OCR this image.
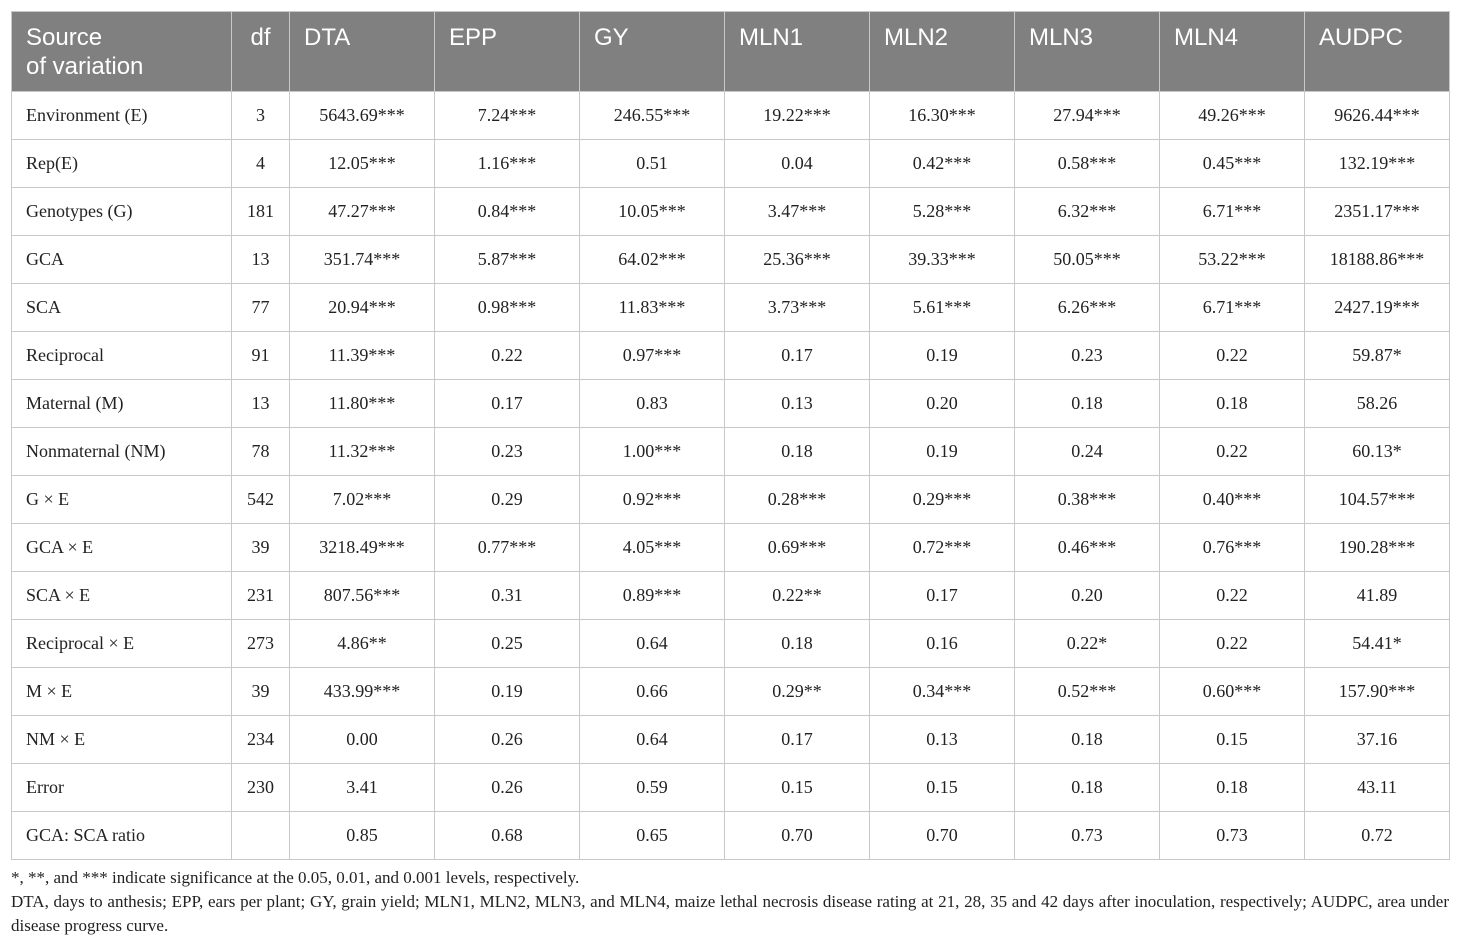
Source
of variation	df	DTA	EPP	GY	MLN1	MLN2	MLN3	MLN4	AUDPC
Environment (E)	3	5643.69***	7.24***	246.55***	19.22***	16.30***	27.94***	49.26***	9626.44***
Rep(E)	4	12.05***	1.16***	0.51	0.04	0.42***	0.58***	0.45***	132.19***
Genotypes (G)	181	47.27***	0.84***	10.05***	3.47***	5.28***	6.32***	6.71***	2351.17***
GCA	13	351.74***	5.87***	64.02***	25.36***	39.33***	50.05***	53.22***	18188.86***
SCA	77	20.94***	0.98***	11.83***	3.73***	5.61***	6.26***	6.71***	2427.19***
Reciprocal	91	11.39***	0.22	0.97***	0.17	0.19	0.23	0.22	59.87*
Maternal (M)	13	11.80***	0.17	0.83	0.13	0.20	0.18	0.18	58.26
Nonmaternal (NM)	78	11.32***	0.23	1.00***	0.18	0.19	0.24	0.22	60.13*
G × E	542	7.02***	0.29	0.92***	0.28***	0.29***	0.38***	0.40***	104.57***
GCA × E	39	3218.49***	0.77***	4.05***	0.69***	0.72***	0.46***	0.76***	190.28***
SCA × E	231	807.56***	0.31	0.89***	0.22**	0.17	0.20	0.22	41.89
Reciprocal × E	273	4.86**	0.25	0.64	0.18	0.16	0.22*	0.22	54.41*
M × E	39	433.99***	0.19	0.66	0.29**	0.34***	0.52***	0.60***	157.90***
NM × E	234	0.00	0.26	0.64	0.17	0.13	0.18	0.15	37.16
Error	230	3.41	0.26	0.59	0.15	0.15	0.18	0.18	43.11
GCA: SCA ratio		0.85	0.68	0.65	0.70	0.70	0.73	0.73	0.72

*, **, and *** indicate significance at the 0.05, 0.01, and 0.001 levels, respectively.

DTA, days to anthesis; EPP, ears per plant; GY, grain yield; MLN1, MLN2, MLN3, and MLN4, maize lethal necrosis disease rating at 21, 28, 35 and 42 days after inoculation, respectively; AUDPC, area under disease progress curve.
